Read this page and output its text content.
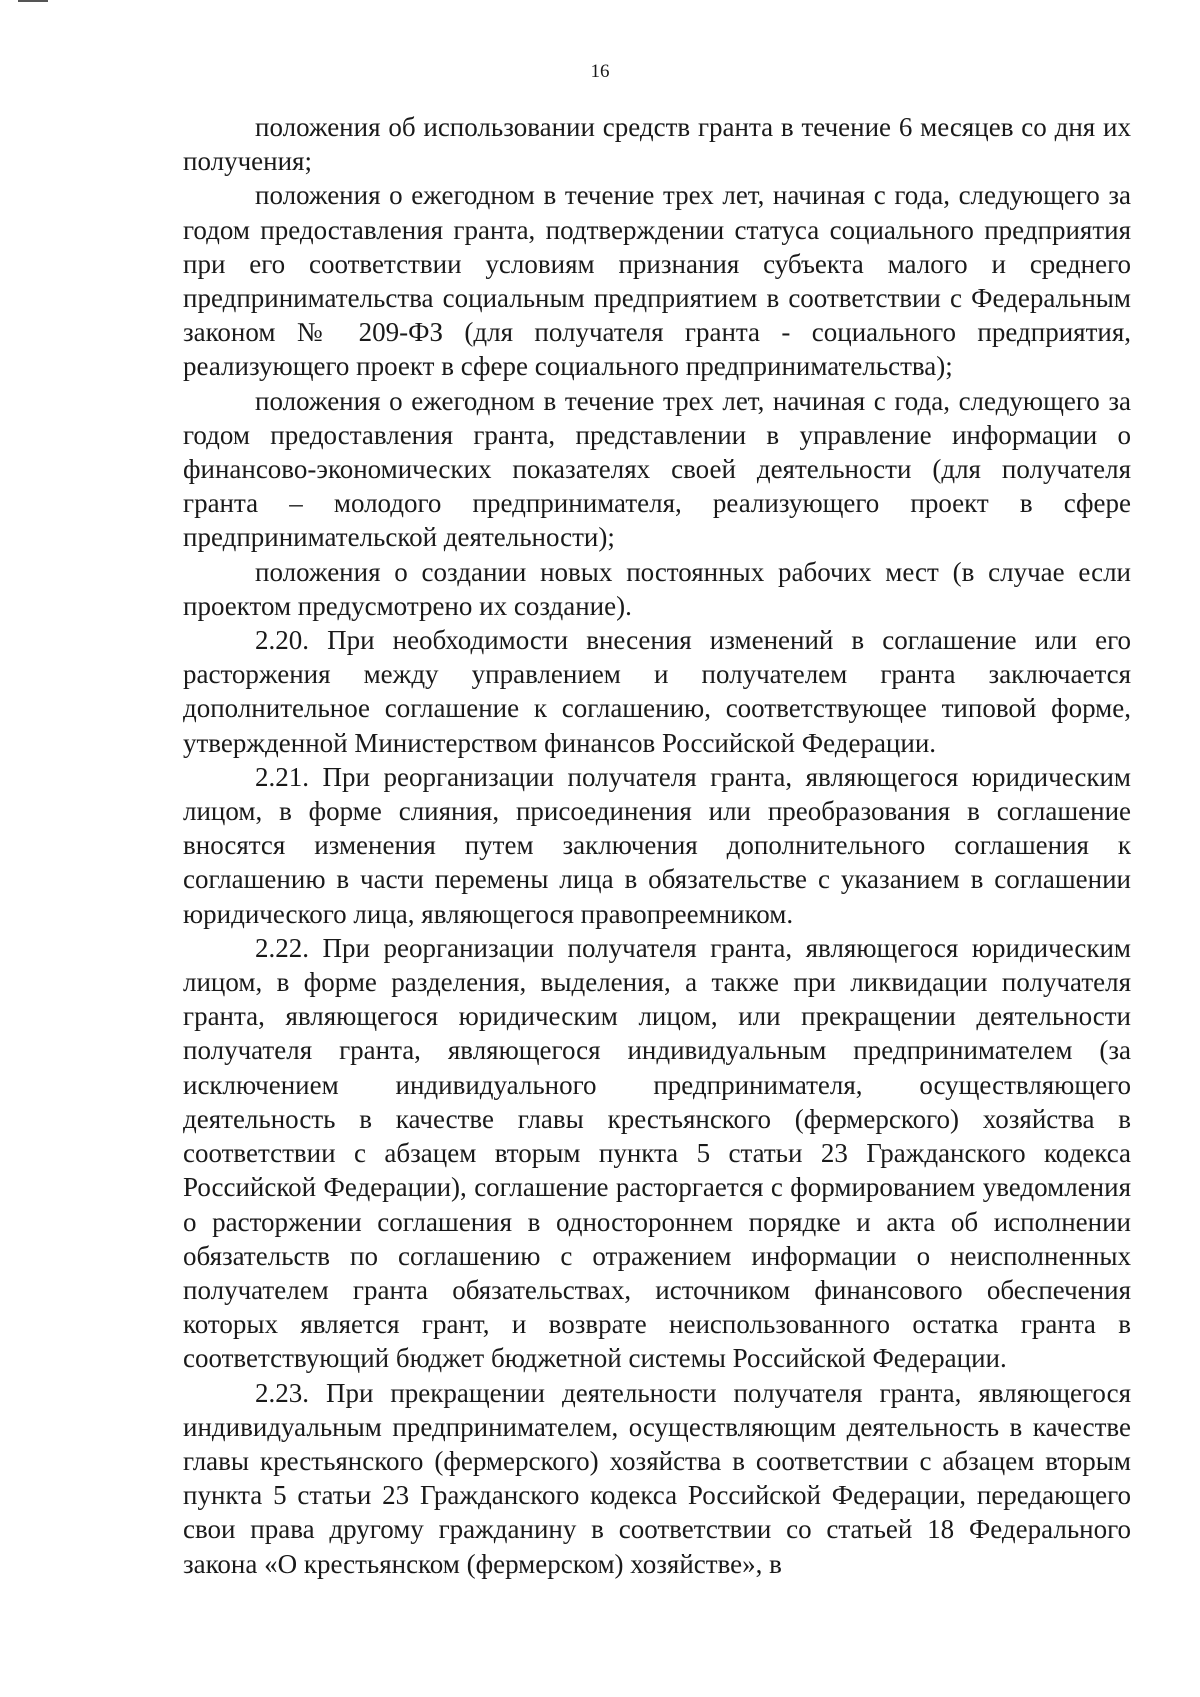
16

положения об использовании средств гранта в течение 6 месяцев со дня их получения;

положения о ежегодном в течение трех лет, начиная с года, следующего за годом предоставления гранта, подтверждении статуса социального предприятия при его соответствии условиям признания субъекта малого и среднего предпринимательства социальным предприятием в соответствии с Федеральным законом № 209-ФЗ (для получателя гранта - социального предприятия, реализующего проект в сфере социального предпринимательства);

положения о ежегодном в течение трех лет, начиная с года, следующего за годом предоставления гранта, представлении в управление информации о финансово-экономических показателях своей деятельности (для получателя гранта – молодого предпринимателя, реализующего проект в сфере предпринимательской деятельности);

положения о создании новых постоянных рабочих мест (в случае если проектом предусмотрено их создание).

2.20. При необходимости внесения изменений в соглашение или его расторжения между управлением и получателем гранта заключается дополнительное соглашение к соглашению, соответствующее типовой форме, утвержденной Министерством финансов Российской Федерации.

2.21. При реорганизации получателя гранта, являющегося юридическим лицом, в форме слияния, присоединения или преобразования в соглашение вносятся изменения путем заключения дополнительного соглашения к соглашению в части перемены лица в обязательстве с указанием в соглашении юридического лица, являющегося правопреемником.

2.22. При реорганизации получателя гранта, являющегося юридическим лицом, в форме разделения, выделения, а также при ликвидации получателя гранта, являющегося юридическим лицом, или прекращении деятельности получателя гранта, являющегося индивидуальным предпринимателем (за исключением индивидуального предпринимателя, осуществляющего деятельность в качестве главы крестьянского (фермерского) хозяйства в соответствии с абзацем вторым пункта 5 статьи 23 Гражданского кодекса Российской Федерации), соглашение расторгается с формированием уведомления о расторжении соглашения в одностороннем порядке и акта об исполнении обязательств по соглашению с отражением информации о неисполненных получателем гранта обязательствах, источником финансового обеспечения которых является грант, и возврате неиспользованного остатка гранта в соответствующий бюджет бюджетной системы Российской Федерации.

2.23. При прекращении деятельности получателя гранта, являющегося индивидуальным предпринимателем, осуществляющим деятельность в качестве главы крестьянского (фермерского) хозяйства в соответствии с абзацем вторым пункта 5 статьи 23 Гражданского кодекса Российской Федерации, передающего свои права другому гражданину в соответствии со статьей 18 Федерального закона «О крестьянском (фермерском) хозяйстве», в
